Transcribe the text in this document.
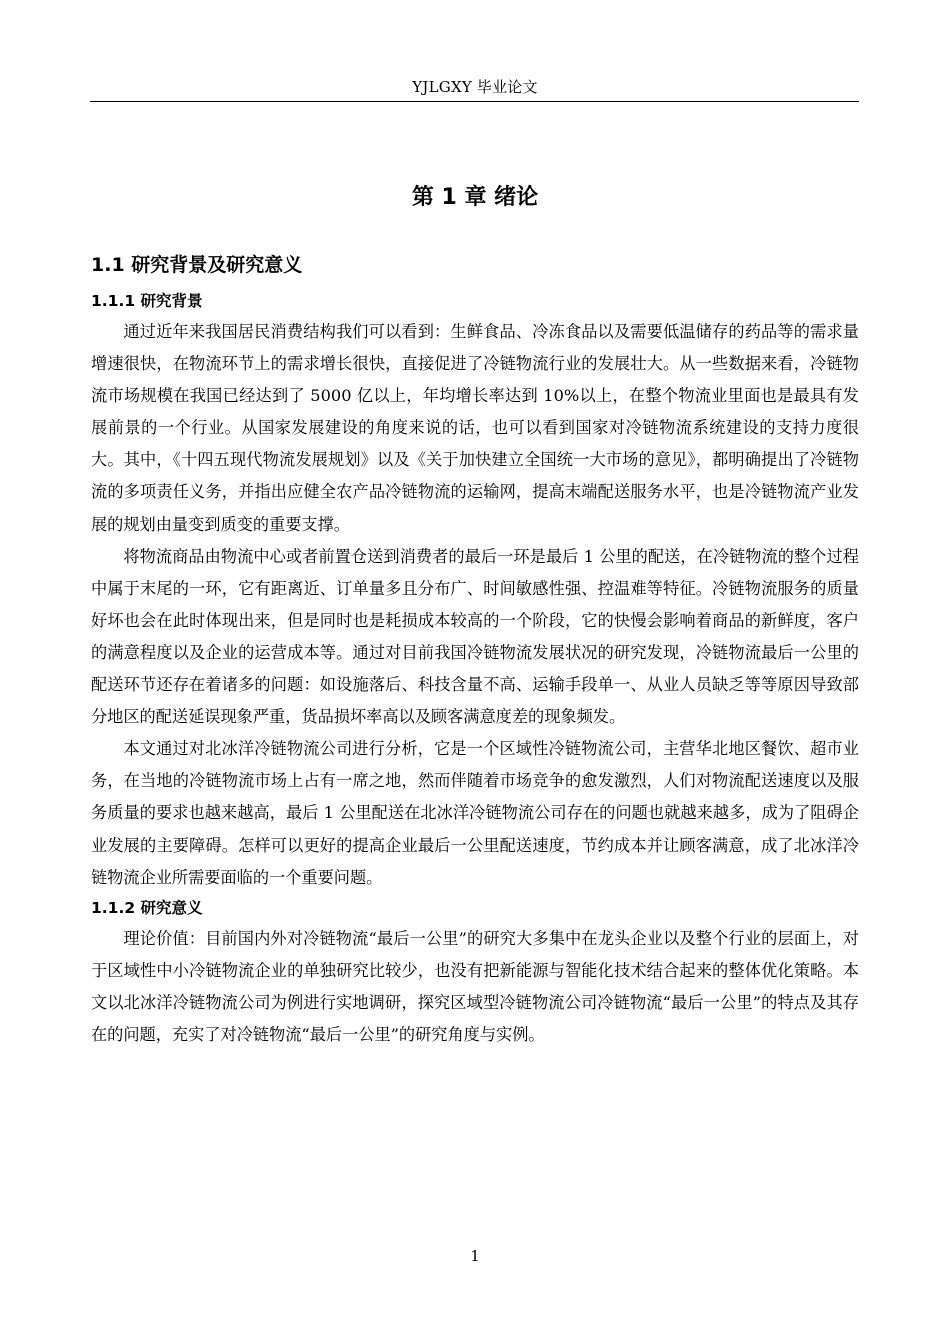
YJLGXY 毕业论文
第 1 章 绪论
1.1 研究背景及研究意义
1.1.1 研究背景

通过近年来我国居民消费结构我们可以看到：生鲜食品、冷冻食品以及需要低温储存的药品等的需求量增速很快，在物流环节上的需求增长很快，直接促进了冷链物流行业的发展壮大。从一些数据来看，冷链物流市场规模在我国已经达到了 5000 亿以上，年均增长率达到 10%以上，在整个物流业里面也是最具有发展前景的一个行业。从国家发展建设的角度来说的话，也可以看到国家对冷链物流系统建设的支持力度很大。其中，《十四五现代物流发展规划》以及《关于加快建立全国统一大市场的意见》，都明确提出了冷链物流的多项责任义务，并指出应健全农产品冷链物流的运输网，提高末端配送服务水平，也是冷链物流产业发展的规划由量变到质变的重要支撑。

将物流商品由物流中心或者前置仓送到消费者的最后一环是最后 1 公里的配送，在冷链物流的整个过程中属于末尾的一环，它有距离近、订单量多且分布广、时间敏感性强、控温难等特征。冷链物流服务的质量好坏也会在此时体现出来，但是同时也是耗损成本较高的一个阶段，它的快慢会影响着商品的新鲜度，客户的满意程度以及企业的运营成本等。通过对目前我国冷链物流发展状况的研究发现，冷链物流最后一公里的配送环节还存在着诸多的问题：如设施落后、科技含量不高、运输手段单一、从业人员缺乏等等原因导致部分地区的配送延误现象严重，货品损坏率高以及顾客满意度差的现象频发。

本文通过对北冰洋冷链物流公司进行分析，它是一个区域性冷链物流公司，主营华北地区餐饮、超市业务，在当地的冷链物流市场上占有一席之地，然而伴随着市场竞争的愈发激烈，人们对物流配送速度以及服务质量的要求也越来越高，最后 1 公里配送在北冰洋冷链物流公司存在的问题也就越来越多，成为了阻碍企业发展的主要障碍。怎样可以更好的提高企业最后一公里配送速度，节约成本并让顾客满意，成了北冰洋冷链物流企业所需要面临的一个重要问题。

1.1.2 研究意义

理论价值：目前国内外对冷链物流“最后一公里”的研究大多集中在龙头企业以及整个行业的层面上，对于区域性中小冷链物流企业的单独研究比较少，也没有把新能源与智能化技术结合起来的整体优化策略。本文以北冰洋冷链物流公司为例进行实地调研，探究区域型冷链物流公司冷链物流“最后一公里”的特点及其存在的问题，充实了对冷链物流“最后一公里”的研究角度与实例。

1
